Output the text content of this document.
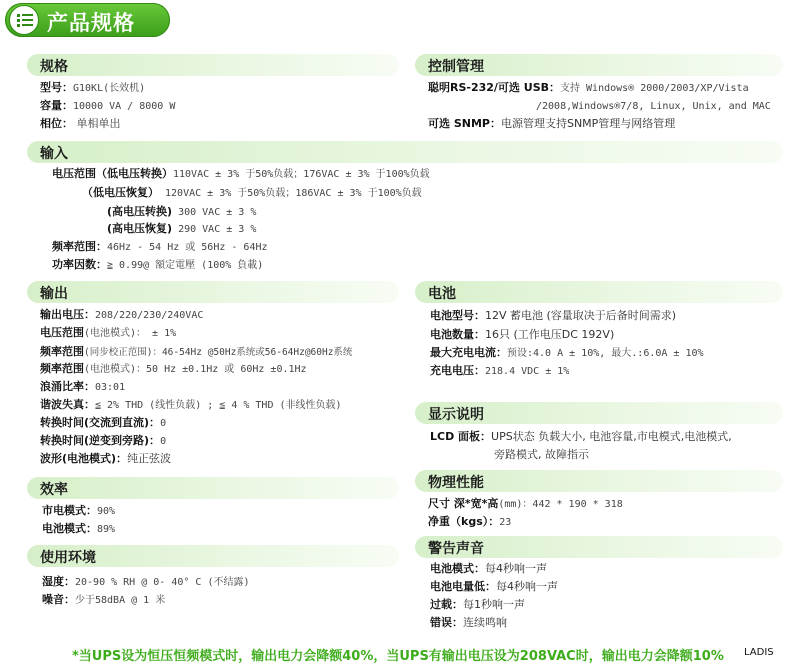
产品规格
规格
型号：G10KL(长效机)
容量：10000 VA / 8000 W
相位： 单相单出
控制管理
聪明RS-232/可选 USB：支持 Windows® 2000/2003/XP/Vista
/2008,Windows®7/8, Linux, Unix, and MAC
可选 SNMP：电源管理支持SNMP管理与网络管理
输入
电压范围（低电压转换）110VAC ± 3% 于50%负载；176VAC ± 3% 于100%负载
（低电压恢复） 120VAC ± 3% 于50%负载；186VAC ± 3% 于100%负载
(高电压转换) 300 VAC ± 3 %
(高电压恢复) 290 VAC ± 3 %
频率范围：46Hz - 54 Hz 或 56Hz - 64Hz
功率因数：≧ 0.99@ 額定電壓 (100% 負載)
输出
输出电压：208/220/230/240VAC
电压范围(电池模式)： ± 1%
频率范围(同步校正范围)：46-54Hz @50Hz系统或56-64Hz@60Hz系统
频率范围(电池模式)：50 Hz ±0.1Hz 或 60Hz ±0.1Hz
浪涌比率：03:01
谐波失真：≦ 2% THD (线性负载) ; ≦ 4 % THD (非线性负载)
转换时间(交流到直流)：0
转换时间(逆变到旁路)：0
波形(电池模式)：纯正弦波
电池
电池型号：12V 蓄电池 (容量取决于后备时间需求)
电池数量：16只 (工作电压DC 192V)
最大充电电流：预设:4.0 A ± 10%, 最大.:6.0A ± 10%
充电电压：218.4 VDC ± 1%
显示说明
LCD 面板：UPS状态 负载大小, 电池容量,市电模式,电池模式,
旁路模式, 故障指示
效率
市电模式：90%
电池模式：89%
物理性能
尺寸 深*宽*高(mm)：442 * 190 * 318
净重（kgs）：23
使用环境
湿度：20-90 % RH @ 0- 40° C (不结露)
噪音：少于58dBA @ 1 米
警告声音
电池模式：每4秒响一声
电池电量低：每4秒响一声
过载：每1秒响一声
错误：连续鸣响
*当UPS设为恒压恒频模式时，输出电力会降额40%，当UPS有输出电压设为208VAC时，输出电力会降额10% LADIS
